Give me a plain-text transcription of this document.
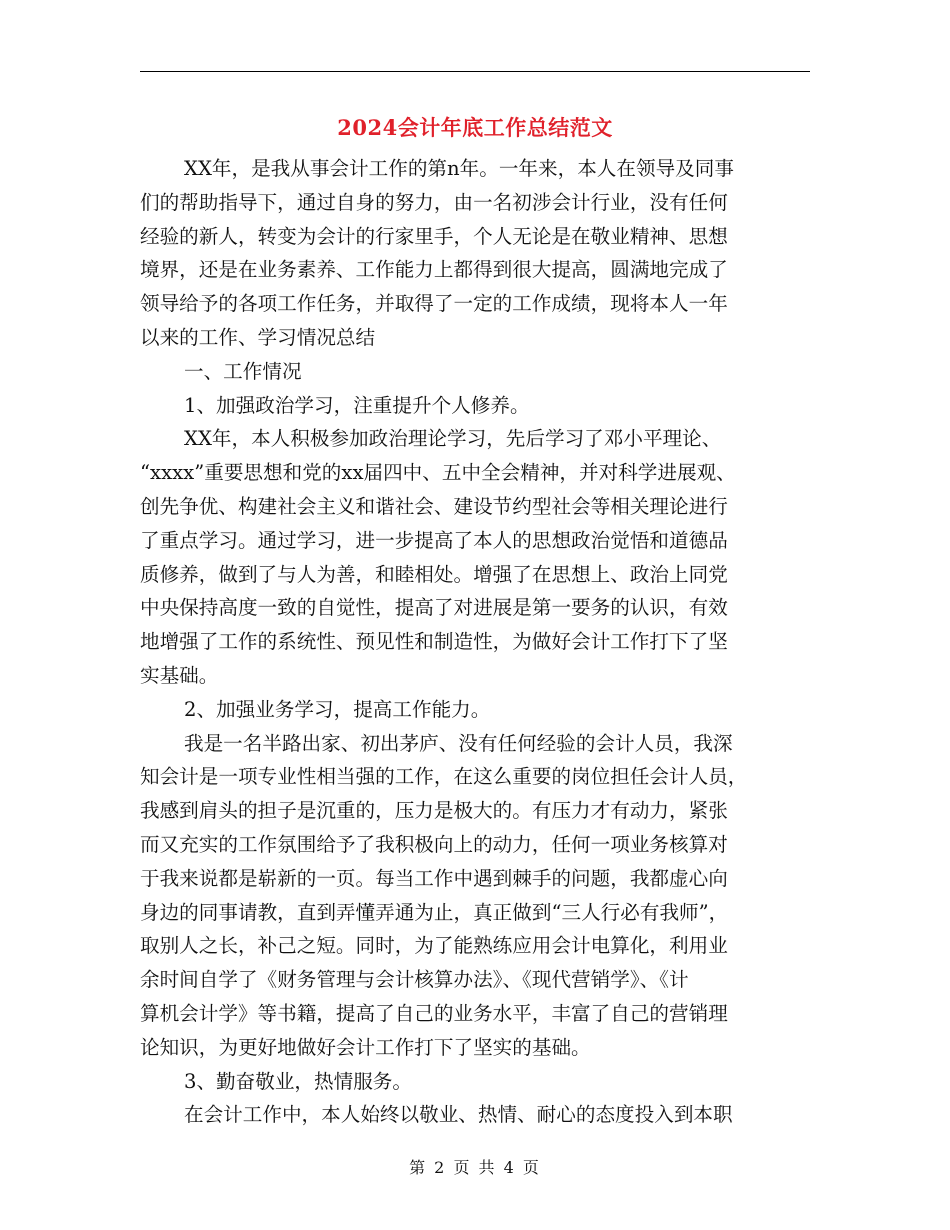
2024会计年底工作总结范文
XX年，是我从事会计工作的第n年。一年来，本人在领导及同事
们的帮助指导下，通过自身的努力，由一名初涉会计行业，没有任何
经验的新人，转变为会计的行家里手，个人无论是在敬业精神、思想
境界，还是在业务素养、工作能力上都得到很大提高，圆满地完成了
领导给予的各项工作任务，并取得了一定的工作成绩，现将本人一年
以来的工作、学习情况总结
一、工作情况
1、加强政治学习，注重提升个人修养。
XX年，本人积极参加政治理论学习，先后学习了邓小平理论、
“xxxx”重要思想和党的xx届四中、五中全会精神，并对科学进展观、
创先争优、构建社会主义和谐社会、建设节约型社会等相关理论进行
了重点学习。通过学习，进一步提高了本人的思想政治觉悟和道德品
质修养，做到了与人为善，和睦相处。增强了在思想上、政治上同党
中央保持高度一致的自觉性，提高了对进展是第一要务的认识，有效
地增强了工作的系统性、预见性和制造性，为做好会计工作打下了坚
实基础。
2、加强业务学习，提高工作能力。
我是一名半路出家、初出茅庐、没有任何经验的会计人员，我深
知会计是一项专业性相当强的工作，在这么重要的岗位担任会计人员，
我感到肩头的担子是沉重的，压力是极大的。有压力才有动力，紧张
而又充实的工作氛围给予了我积极向上的动力，任何一项业务核算对
于我来说都是崭新的一页。每当工作中遇到棘手的问题，我都虚心向
身边的同事请教，直到弄懂弄通为止，真正做到“三人行必有我师”，
取别人之长，补己之短。同时，为了能熟练应用会计电算化，利用业
余时间自学了《财务管理与会计核算办法》、《现代营销学》、《计
算机会计学》等书籍，提高了自己的业务水平，丰富了自己的营销理
论知识，为更好地做好会计工作打下了坚实的基础。
3、勤奋敬业，热情服务。
在会计工作中，本人始终以敬业、热情、耐心的态度投入到本职
第 2 页 共 4 页
